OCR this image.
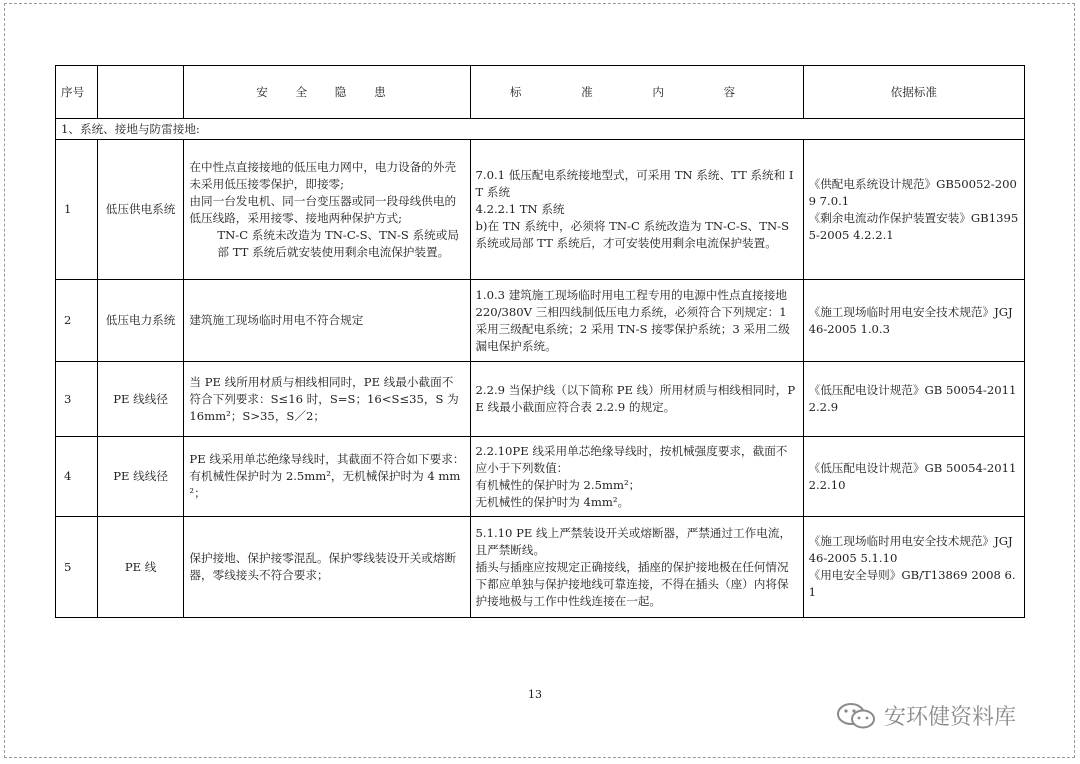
序号		安 全 隐 患	标 准 内 容	依据标准
1、系统、接地与防雷接地:				
1	低压供电系统	在中性点直接接地的低压电力网中，电力设备的外壳未采用低压接零保护，即接零;
由同一台发电机、同一台变压器或同一段母线供电的低压线路，采用接零、接地两种保护方式;
TN-C 系统未改造为 TN-C-S、TN-S 系统或局部 TT 系统后就安装使用剩余电流保护装置。	7.0.1 低压配电系统接地型式，可采用 TN 系统、TT 系统和 IT 系统
4.2.2.1 TN 系统
b)在 TN 系统中，必须将 TN-C 系统改造为 TN-C-S、TN-S 系统或局部 TT 系统后，才可安装使用剩余电流保护装置。	《供配电系统设计规范》GB50052-2009 7.0.1
《剩余电流动作保护装置安装》GB13955-2005 4.2.2.1

2	低压电力系统	建筑施工现场临时用电不符合规定	1.0.3 建筑施工现场临时用电工程专用的电源中性点直接接地 220/380V 三相四线制低压电力系统，必须符合下列规定：1 采用三级配电系统；2 采用 TN-S 接零保护系统；3 采用二级漏电保护系统。	《施工现场临时用电安全技术规范》JGJ46-2005 1.0.3

3	PE 线线径	当 PE 线所用材质与相线相同时，PE 线最小截面不符合下列要求：S≤16 时，S=S；16<S≤35，S 为 16mm²；S>35，S／2；	2.2.9 当保护线（以下简称 PE 线）所用材质与相线相同时，PE 线最小截面应符合表 2.2.9 的规定。	《低压配电设计规范》GB 50054-2011 2.2.9

4	PE 线线径	PE 线采用单芯绝缘导线时，其截面不符合如下要求：有机械性保护时为 2.5mm²，无机械保护时为 4 mm²；	2.2.10PE 线采用单芯绝缘导线时，按机械强度要求，截面不应小于下列数值：
有机械性的保护时为 2.5mm²；
无机械性的保护时为 4mm²。	《低压配电设计规范》GB 50054-2011 2.2.10

5	PE 线	保护接地、保护接零混乱。保护零线装设开关或熔断器，零线接头不符合要求；	5.1.10 PE 线上严禁装设开关或熔断器，严禁通过工作电流，且严禁断线。
插头与插座应按规定正确接线，插座的保护接地极在任何情况下都应单独与保护接地线可靠连接，不得在插头（座）内将保护接地极与工作中性线连接在一起。	《施工现场临时用电安全技术规范》JGJ46-2005 5.1.10
《用电安全导则》GB/T13869 2008 6.1
13
安环健资料库
